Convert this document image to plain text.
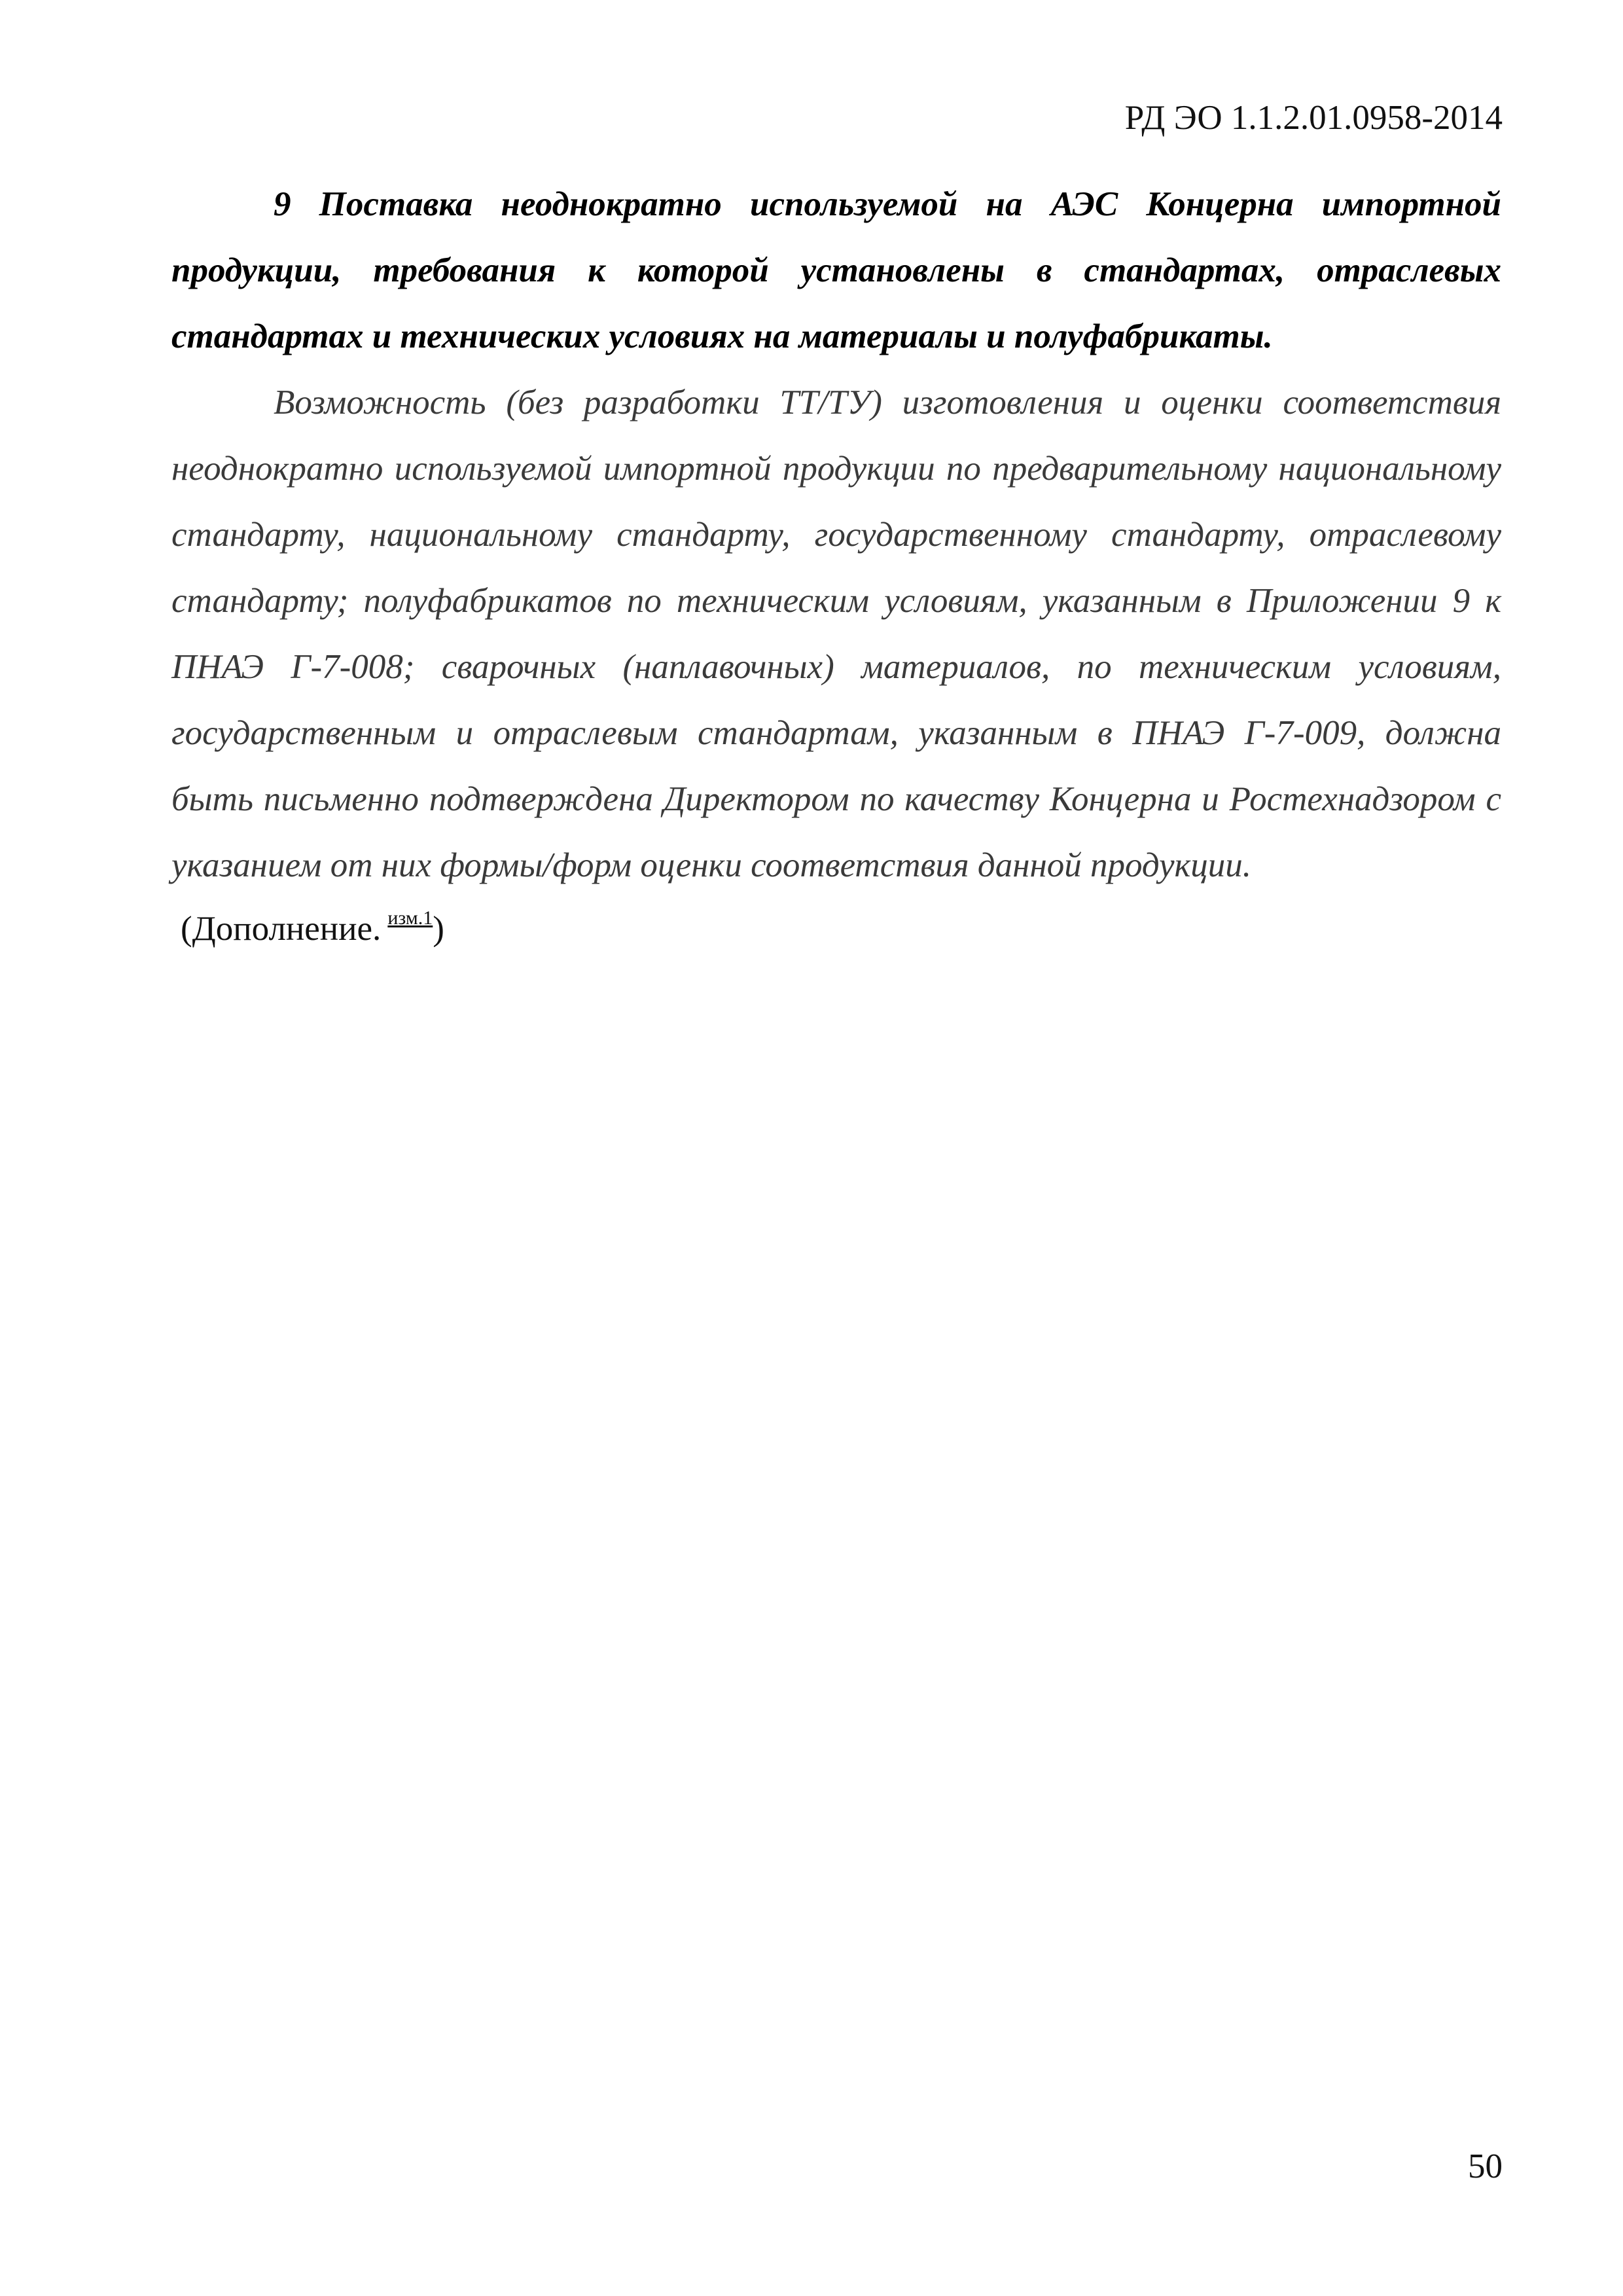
РД ЭО 1.1.2.01.0958-2014

9 Поставка неоднократно используемой на АЭС Концерна импортной продукции, требования к которой установлены в стандартах, отраслевых стандартах и технических условиях на материалы и полуфабрикаты.

Возможность (без разработки ТТ/ТУ) изготовления и оценки соответствия неоднократно используемой импортной продукции по предварительному национальному стандарту, национальному стандарту, государственному стандарту, отраслевому стандарту; полуфабрикатов по техническим условиям, указанным в Приложении 9 к ПНАЭ Г-7-008; сварочных (наплавочных) материалов, по техническим условиям, государственным и отраслевым стандартам, указанным в ПНАЭ Г-7-009, должна быть письменно подтверждена Директором по качеству Концерна и Ростехнадзором с указанием от них формы/форм оценки соответствия данной продукции.

(Дополнение. $^{изм.1}$)

50
